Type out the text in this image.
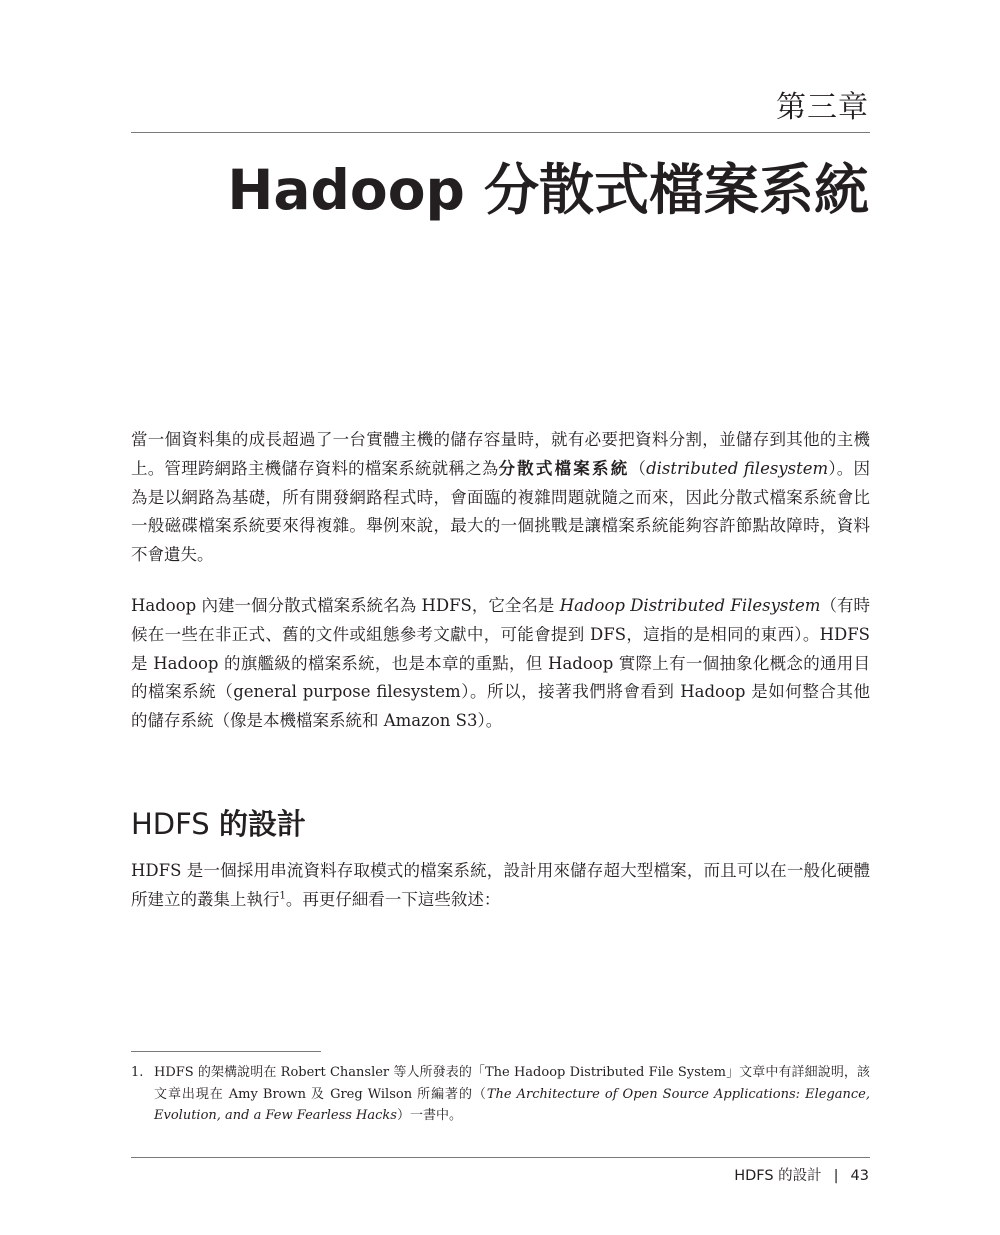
第三章
Hadoop 分散式檔案系統

當一個資料集的成長超過了一台實體主機的儲存容量時，就有必要把資料分割，並儲存到其他的主機上。管理跨網路主機儲存資料的檔案系統就稱之為分散式檔案系統（distributed filesystem）。因為是以網路為基礎，所有開發網路程式時，會面臨的複雜問題就隨之而來，因此分散式檔案系統會比一般磁碟檔案系統要來得複雜。舉例來說，最大的一個挑戰是讓檔案系統能夠容許節點故障時，資料不會遺失。

Hadoop 內建一個分散式檔案系統名為 HDFS，它全名是 Hadoop Distributed Filesystem（有時候在一些在非正式、舊的文件或組態參考文獻中，可能會提到 DFS，這指的是相同的東西）。HDFS 是 Hadoop 的旗艦級的檔案系統，也是本章的重點，但 Hadoop 實際上有一個抽象化概念的通用目的檔案系統（general purpose filesystem）。所以，接著我們將會看到 Hadoop 是如何整合其他的儲存系統（像是本機檔案系統和 Amazon S3）。

HDFS 的設計

HDFS 是一個採用串流資料存取模式的檔案系統，設計用來儲存超大型檔案，而且可以在一般化硬體所建立的叢集上執行$^1$。再更仔細看一下這些敘述：

1. HDFS 的架構說明在 Robert Chansler 等人所發表的「The Hadoop Distributed File System」文章中有詳細說明，該文章出現在 Amy Brown 及 Greg Wilson 所編著的（The Architecture of Open Source Applications: Elegance, Evolution, and a Few Fearless Hacks）一書中。
HDFS 的設計 | 43
